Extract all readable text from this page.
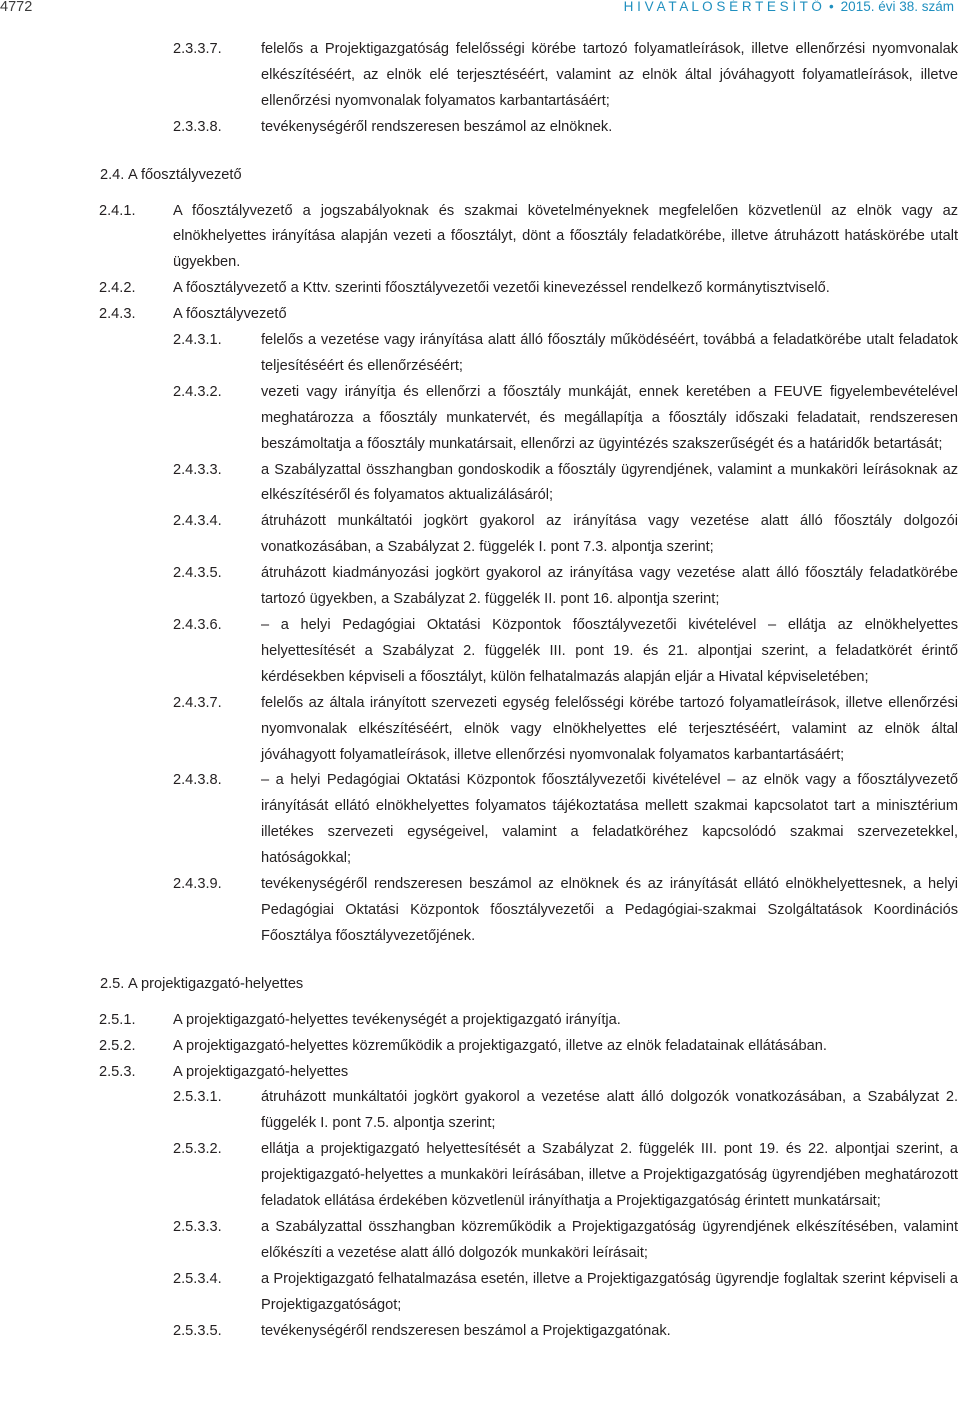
4772	H I V A T A L O S É R T E S Í T Ő • 2015. évi 38. szám
2.3.3.7.	felelős a Projektigazgatóság felelősségi körébe tartozó folyamatleírások, illetve ellenőrzési nyomvonalak elkészítéséért, az elnök elé terjesztéséért, valamint az elnök által jóváhagyott folyamatleírások, illetve ellenőrzési nyomvonalak folyamatos karbantartásáért;
2.3.3.8.	tevékenységéről rendszeresen beszámol az elnöknek.
2.4. A főosztályvezető
2.4.1.	A főosztályvezető a jogszabályoknak és szakmai követelményeknek megfelelően közvetlenül az elnök vagy az elnökhelyettes irányítása alapján vezeti a főosztályt, dönt a főosztály feladatkörébe, illetve átruházott hatáskörébe utalt ügyekben.
2.4.2.	A főosztályvezető a Kttv. szerinti főosztályvezetői vezetői kinevezéssel rendelkező kormánytisztviselő.
2.4.3.	A főosztályvezető
2.4.3.1.	felelős a vezetése vagy irányítása alatt álló főosztály működéséért, továbbá a feladatkörébe utalt feladatok teljesítéséért és ellenőrzéséért;
2.4.3.2.	vezeti vagy irányítja és ellenőrzi a főosztály munkáját, ennek keretében a FEUVE figyelembevételével meghatározza a főosztály munkatervét, és megállapítja a főosztály időszaki feladatait, rendszeresen beszámoltatja a főosztály munkatársait, ellenőrzi az ügyintézés szakszerűségét és a határidők betartását;
2.4.3.3.	a Szabályzattal összhangban gondoskodik a főosztály ügyrendjének, valamint a munkaköri leírásoknak az elkészítéséről és folyamatos aktualizálásáról;
2.4.3.4.	átruházott munkáltatói jogkört gyakorol az irányítása vagy vezetése alatt álló főosztály dolgozói vonatkozásában, a Szabályzat 2. függelék I. pont 7.3. alpontja szerint;
2.4.3.5.	átruházott kiadmányozási jogkört gyakorol az irányítása vagy vezetése alatt álló főosztály feladatkörébe tartozó ügyekben, a Szabályzat 2. függelék II. pont 16. alpontja szerint;
2.4.3.6.	– a helyi Pedagógiai Oktatási Központok főosztályvezetői kivételével – ellátja az elnökhelyettes helyettesítését a Szabályzat 2. függelék III. pont 19. és 21. alpontjai szerint, a feladatkörét érintő kérdésekben képviseli a főosztályt, külön felhatalmazás alapján eljár a Hivatal képviseletében;
2.4.3.7.	felelős az általa irányított szervezeti egység felelősségi körébe tartozó folyamatleírások, illetve ellenőrzési nyomvonalak elkészítéséért, elnök vagy elnökhelyettes elé terjesztéséért, valamint az elnök által jóváhagyott folyamatleírások, illetve ellenőrzési nyomvonalak folyamatos karbantartásáért;
2.4.3.8.	– a helyi Pedagógiai Oktatási Központok főosztályvezetői kivételével – az elnök vagy a főosztályvezető irányítását ellátó elnökhelyettes folyamatos tájékoztatása mellett szakmai kapcsolatot tart a minisztérium illetékes szervezeti egységeivel, valamint a feladatköréhez kapcsolódó szakmai szervezetekkel, hatóságokkal;
2.4.3.9.	tevékenységéről rendszeresen beszámol az elnöknek és az irányítását ellátó elnökhelyettesnek, a helyi Pedagógiai Oktatási Központok főosztályvezetői a Pedagógiai-szakmai Szolgáltatások Koordinációs Főosztálya főosztályvezetőjének.
2.5. A projektigazgató-helyettes
2.5.1.	A projektigazgató-helyettes tevékenységét a projektigazgató irányítja.
2.5.2.	A projektigazgató-helyettes közreműködik a projektigazgató, illetve az elnök feladatainak ellátásában.
2.5.3.	A projektigazgató-helyettes
2.5.3.1.	átruházott munkáltatói jogkört gyakorol a vezetése alatt álló dolgozók vonatkozásában, a Szabályzat 2. függelék I. pont 7.5. alpontja szerint;
2.5.3.2.	ellátja a projektigazgató helyettesítését a Szabályzat 2. függelék III. pont 19. és 22. alpontjai szerint, a projektigazgató-helyettes a munkaköri leírásában, illetve a Projektigazgatóság ügyrendjében meghatározott feladatok ellátása érdekében közvetlenül irányíthatja a Projektigazgatóság érintett munkatársait;
2.5.3.3.	a Szabályzattal összhangban közreműködik a Projektigazgatóság ügyrendjének elkészítésében, valamint előkészíti a vezetése alatt álló dolgozók munkaköri leírásait;
2.5.3.4.	a Projektigazgató felhatalmazása esetén, illetve a Projektigazgatóság ügyrendje foglaltak szerint képviseli a Projektigazgatóságot;
2.5.3.5.	tevékenységéről rendszeresen beszámol a Projektigazgatónak.
